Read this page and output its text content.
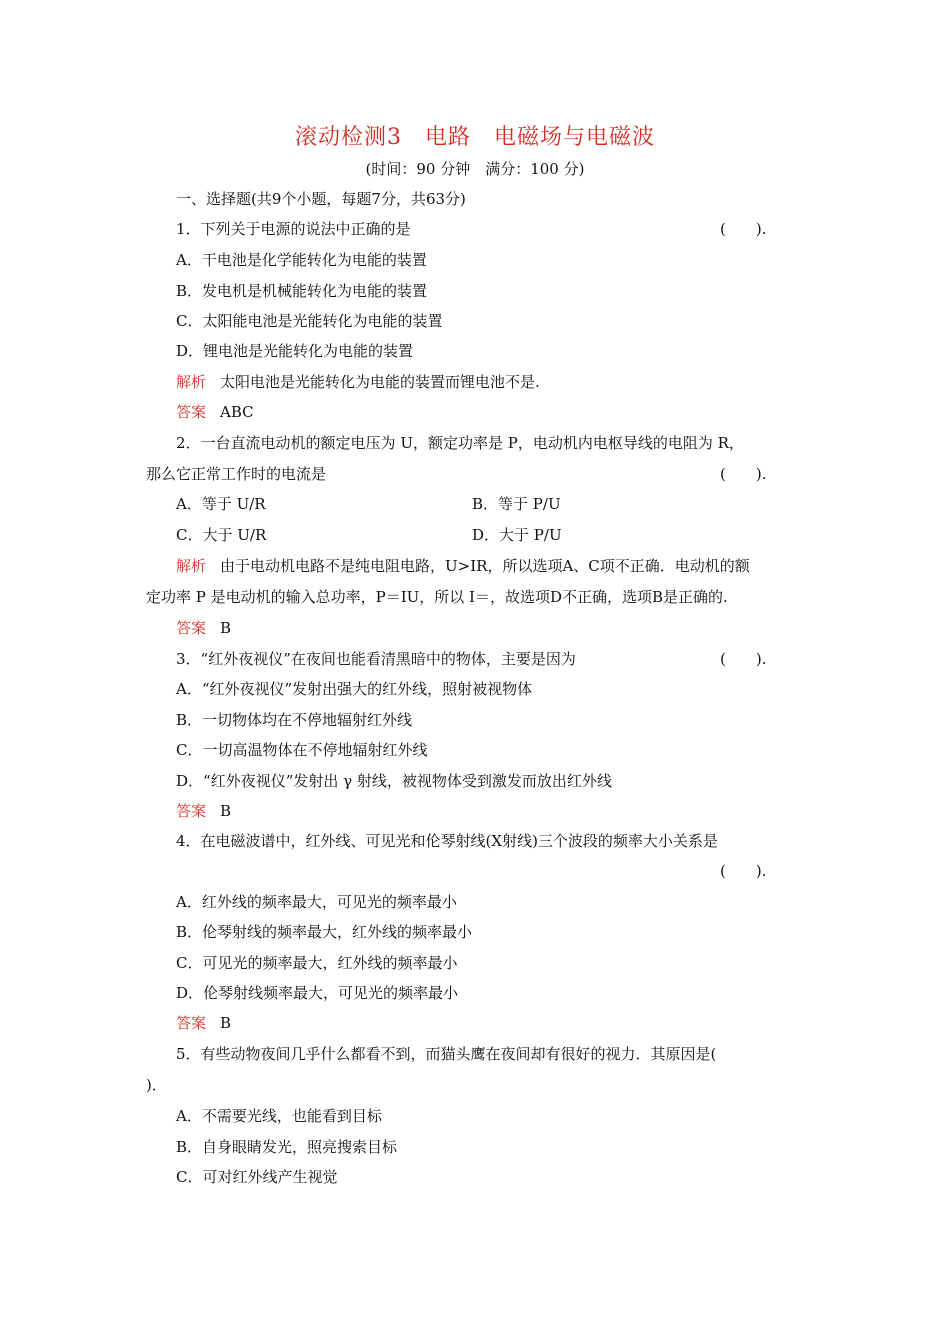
滚动检测3　电路　电磁场与电磁波
(时间：90 分钟　满分：100 分)
一、选择题(共9个小题，每题7分，共63分)
1．下列关于电源的说法中正确的是	(　　).
A．干电池是化学能转化为电能的装置
B．发电机是机械能转化为电能的装置
C．太阳能电池是光能转化为电能的装置
D．锂电池是光能转化为电能的装置
解析 太阳电池是光能转化为电能的装置而锂电池不是.
答案 ABC
2．一台直流电动机的额定电压为 U，额定功率是 P，电动机内电枢导线的电阻为 R，
那么它正常工作时的电流是	(　　).
A．等于 U/R	B．等于 P/U
C．大于 U/R	D．大于 P/U
解析 由于电动机电路不是纯电阻电路，U>IR，所以选项A、C项不正确．电动机的额
定功率 P 是电动机的输入总功率，P＝IU，所以 I＝，故选项D不正确，选项B是正确的.
答案 B
3．“红外夜视仪”在夜间也能看清黑暗中的物体，主要是因为	(　　).
A．“红外夜视仪”发射出强大的红外线，照射被视物体
B．一切物体均在不停地辐射红外线
C．一切高温物体在不停地辐射红外线
D．“红外夜视仪”发射出 γ 射线，被视物体受到激发而放出红外线
答案 B
4．在电磁波谱中，红外线、可见光和伦琴射线(X射线)三个波段的频率大小关系是
(　　).
A．红外线的频率最大，可见光的频率最小
B．伦琴射线的频率最大，红外线的频率最小
C．可见光的频率最大，红外线的频率最小
D．伦琴射线频率最大，可见光的频率最小
答案 B
5．有些动物夜间几乎什么都看不到，而猫头鹰在夜间却有很好的视力．其原因是(
)．
A．不需要光线，也能看到目标
B．自身眼睛发光，照亮搜索目标
C．可对红外线产生视觉
